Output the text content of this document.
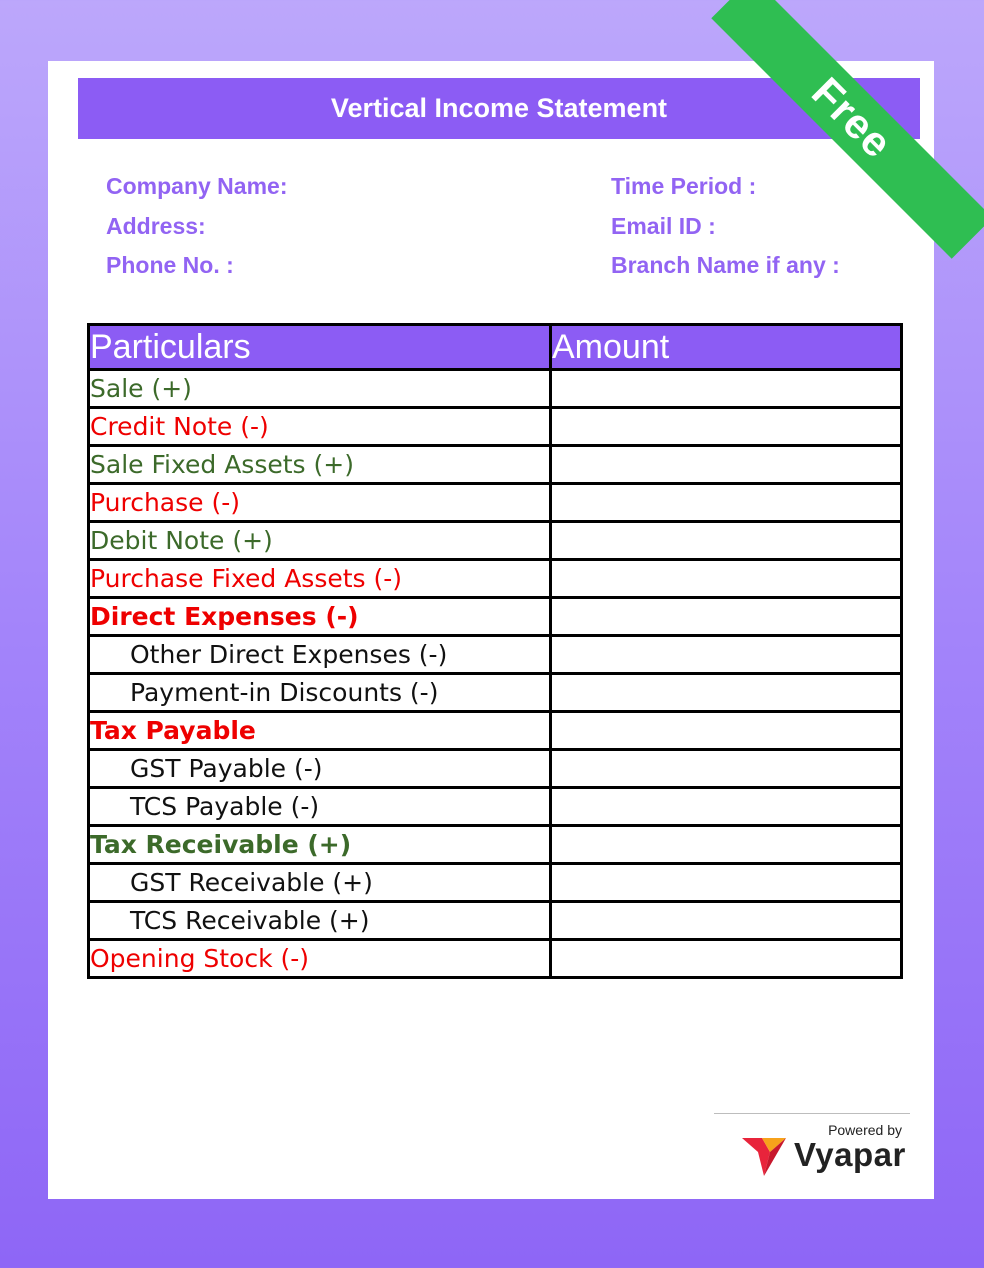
Vertical Income Statement
Company Name:
Address:
Phone No. :
Time Period :
Email ID :
Branch Name if any :
Particulars	Amount
Sale (+)	
Credit Note (-)	
Sale Fixed Assets (+)	
Purchase (-)	
Debit Note (+)	
Purchase Fixed Assets (-)	
Direct Expenses (-)	
Other Direct Expenses (-)	
Payment-in Discounts (-)	
Tax Payable	
GST Payable (-)	
TCS Payable (-)	
Tax Receivable (+)	
GST Receivable (+)	
TCS Receivable (+)	
Opening Stock (-)	
Free
Powered by
Vyapar
